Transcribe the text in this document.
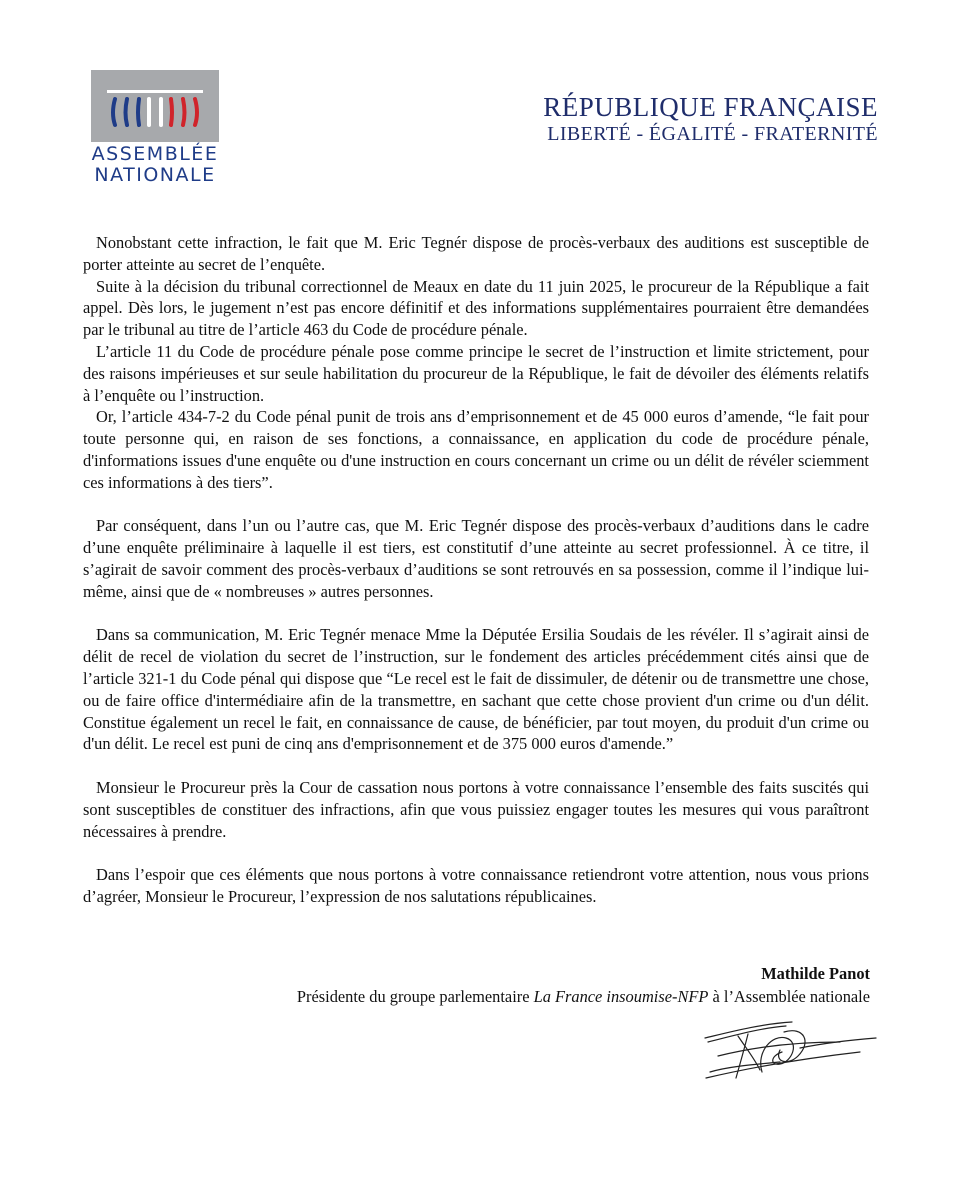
ASSEMBLÉE
NATIONALE
RÉPUBLIQUE FRANÇAISE
LIBERTÉ - ÉGALITÉ - FRATERNITÉ

Nonobstant cette infraction, le fait que M. Eric Tegnér dispose de procès-verbaux des auditions est susceptible de porter atteinte au secret de l’enquête.

Suite à la décision du tribunal correctionnel de Meaux en date du 11 juin 2025, le procureur de la République a fait appel. Dès lors, le jugement n’est pas encore définitif et des informations supplémentaires pourraient être demandées par le tribunal au titre de l’article 463 du Code de procédure pénale.

L’article 11 du Code de procédure pénale pose comme principe le secret de l’instruction et limite strictement, pour des raisons impérieuses et sur seule habilitation du procureur de la République, le fait de dévoiler des éléments relatifs à l’enquête ou l’instruction.

Or, l’article 434-7-2 du Code pénal punit de trois ans d’emprisonnement et de 45 000 euros d’amende, “le fait pour toute personne qui, en raison de ses fonctions, a connaissance, en application du code de procédure pénale, d'informations issues d'une enquête ou d'une instruction en cours concernant un crime ou un délit de révéler sciemment ces informations à des tiers”.

Par conséquent, dans l’un ou l’autre cas, que M. Eric Tegnér dispose des procès-verbaux d’auditions dans le cadre d’une enquête préliminaire à laquelle il est tiers, est constitutif d’une atteinte au secret professionnel. À ce titre, il s’agirait de savoir comment des procès-verbaux d’auditions se sont retrouvés en sa possession, comme il l’indique lui-même, ainsi que de « nombreuses » autres personnes.

Dans sa communication, M. Eric Tegnér menace Mme la Députée Ersilia Soudais de les révéler. Il s’agirait ainsi de délit de recel de violation du secret de l’instruction, sur le fondement des articles précédemment cités ainsi que de l’article 321-1 du Code pénal qui dispose que “Le recel est le fait de dissimuler, de détenir ou de transmettre une chose, ou de faire office d'intermédiaire afin de la transmettre, en sachant que cette chose provient d'un crime ou d'un délit. Constitue également un recel le fait, en connaissance de cause, de bénéficier, par tout moyen, du produit d'un crime ou d'un délit. Le recel est puni de cinq ans d'emprisonnement et de 375 000 euros d'amende.”

Monsieur le Procureur près la Cour de cassation nous portons à votre connaissance l’ensemble des faits suscités qui sont susceptibles de constituer des infractions, afin que vous puissiez engager toutes les mesures qui vous paraîtront nécessaires à prendre.

Dans l’espoir que ces éléments que nous portons à votre connaissance retiendront votre attention, nous vous prions d’agréer, Monsieur le Procureur, l’expression de nos salutations républicaines.

Mathilde Panot
Présidente du groupe parlementaire La France insoumise-NFP à l’Assemblée nationale
